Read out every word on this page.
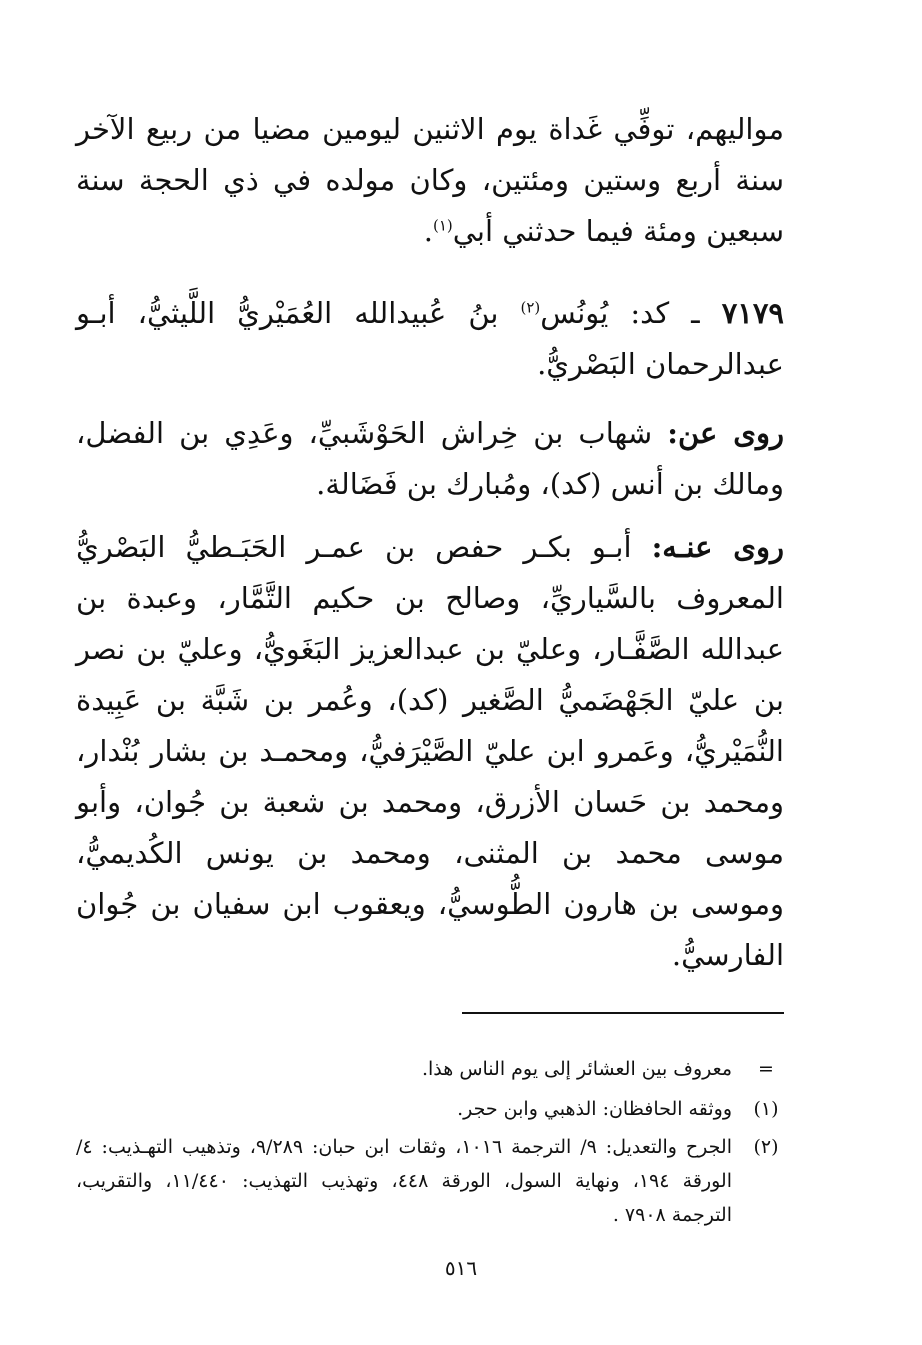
مواليهم، توفِّي غَداة يوم الاثنين ليومين مضيا من ربيع الآخر سنة أربع وستين ومئتين، وكان مولده في ذي الحجة سنة سبعين ومئة فيما حدثني أبي$^{(١)}$.

٧١٧٩ ـ كد: يُونُس$^{(٢)}$ بنُ عُبيدالله العُمَيْريُّ اللَّيثيُّ، أبـو عبدالرحمان البَصْريُّ.

روى عن: شهاب بن خِراش الحَوْشَبيِّ، وعَدِي بن الفضل، ومالك بن أنس (كد)، ومُبارك بن فَضَالة.

روى عنـه: أبـو بكـر حفص بن عمـر الحَبَـطيُّ البَصْريُّ المعروف بالسَّياريِّ، وصالح بن حكيم التَّمَّار، وعبدة بن عبدالله الصَّفَّـار، وعليّ بن عبدالعزيز البَغَويُّ، وعليّ بن نصر بن عليّ الجَهْضَميُّ الصَّغير (كد)، وعُمر بن شَبَّة بن عَبِيدة النُّمَيْريُّ، وعَمرو ابن عليّ الصَّيْرَفيُّ، ومحمـد بن بشار بُنْدار، ومحمد بن حَسان الأزرق، ومحمد بن شعبة بن جُوان، وأبو موسى محمد بن المثنى، ومحمد بن يونس الكُديميُّ، وموسى بن هارون الطُّوسيُّ، ويعقوب ابن سفيان بن جُوان الفارسيُّ.

=
معروف بين العشائر إلى يوم الناس هذا.
(١)
ووثقه الحافظان: الذهبي وابن حجر.
(٢)
الجرح والتعديل: ٩/ الترجمة ١٠١٦، وثقات ابن حبان: ٩/٢٨٩، وتذهيب التهـذيب: ٤/ الورقة ١٩٤، ونهاية السول، الورقة ٤٤٨، وتهذيب التهذيب: ١١/٤٤٠، والتقريب، الترجمة ٧٩٠٨ .
٥١٦
